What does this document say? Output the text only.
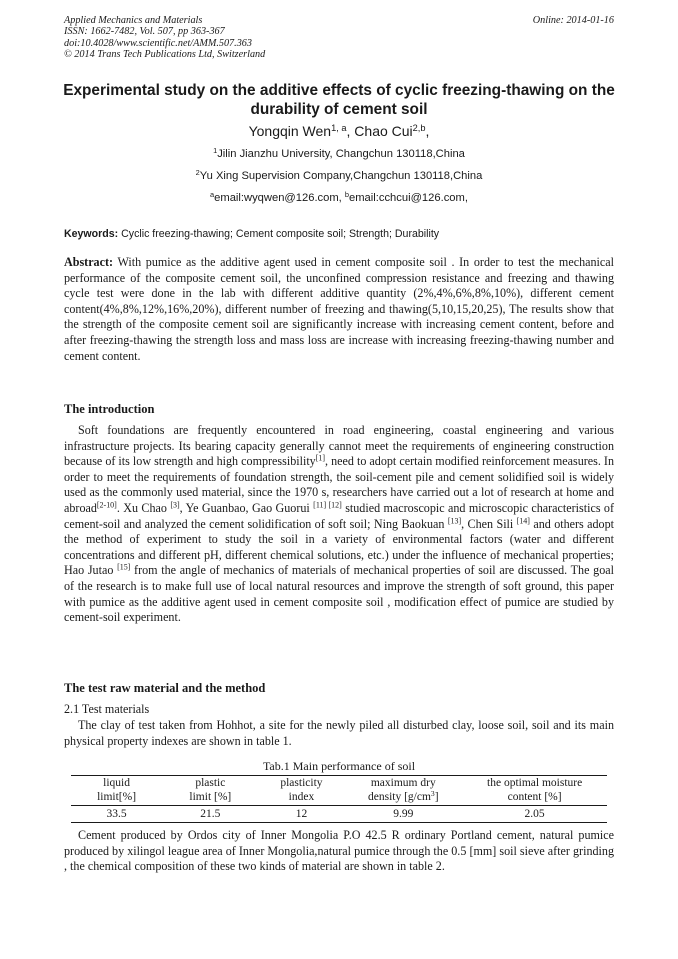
Applied Mechanics and Materials
ISSN: 1662-7482, Vol. 507, pp 363-367
doi:10.4028/www.scientific.net/AMM.507.363
© 2014 Trans Tech Publications Ltd, Switzerland
Online: 2014-01-16
Experimental study on the additive effects of cyclic freezing-thawing on the durability of cement soil
Yongqin Wen$^{1, a}$, Chao Cui$^{2,b}$,
$^1$Jilin Jianzhu University, Changchun 130118,China
$^2$Yu Xing Supervision Company,Changchun 130118,China
$^a$email:wyqwen@126.com, $^b$email:cchcui@126.com,
Keywords: Cyclic freezing-thawing; Cement composite soil; Strength; Durability
Abstract: With pumice as the additive agent used in cement composite soil . In order to test the mechanical performance of the composite cement soil, the unconfined compression resistance and freezing and thawing cycle test were done in the lab with different additive quantity (2%,4%,6%,8%,10%), different cement content(4%,8%,12%,16%,20%), different number of freezing and thawing(5,10,15,20,25), The results show that the strength of the composite cement soil are significantly increase with increasing cement content, before and after freezing-thawing the strength loss and mass loss are increase with increasing freezing-thawing number and cement content.
The introduction
Soft foundations are frequently encountered in road engineering, coastal engineering and various infrastructure projects. Its bearing capacity generally cannot meet the requirements of engineering construction because of its low strength and high compressibility[1], need to adopt certain modified reinforcement measures. In order to meet the requirements of foundation strength, the soil-cement pile and cement solidified soil is widely used as the commonly used material, since the 1970 s, researchers have carried out a lot of research at home and abroad[2-10]. Xu Chao [3], Ye Guanbao, Gao Guorui [11] [12] studied macroscopic and microscopic characteristics of cement-soil and analyzed the cement solidification of soft soil; Ning Baokuan [13], Chen Sili [14] and others adopt the method of experiment to study the soil in a variety of environmental factors (water and different concentrations and different pH, different chemical solutions, etc.) under the influence of mechanical properties; Hao Jutao [15] from the angle of mechanics of materials of mechanical properties of soil are discussed. The goal of the research is to make full use of local natural resources and improve the strength of soft ground, this paper with pumice as the additive agent used in cement composite soil , modification effect of pumice are studied by cement-soil experiment.
The test raw material and the method
2.1 Test materials
The clay of test taken from Hohhot, a site for the newly piled all disturbed clay, loose soil, soil and its main physical property indexes are shown in table 1.
Tab.1 Main performance of soil
liquid	plastic	plasticity	maximum dry	the optimal moisture
limit[%]	limit [%]	index	density $[g/cm^3]$	content [%]
33.5	21.5	12	9.99	2.05
Cement produced by Ordos city of Inner Mongolia P.O 42.5 R ordinary Portland cement, natural pumice produced by xilingol league area of Inner Mongolia,natural pumice through the 0.5 [mm] soil sieve after grinding , the chemical composition of these two kinds of material are shown in table 2.
